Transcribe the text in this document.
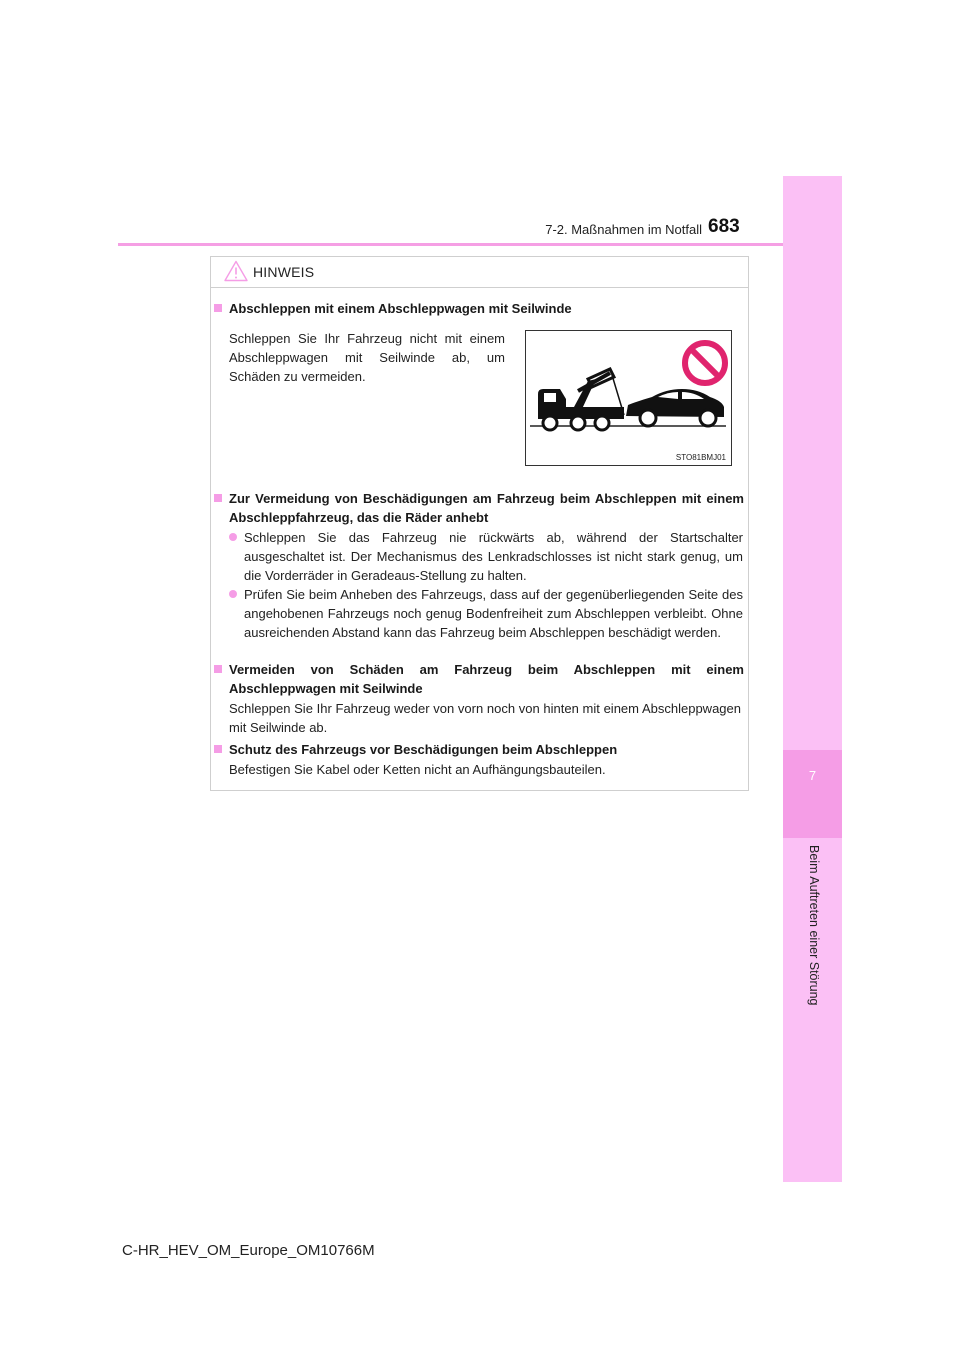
7-2. Maßnahmen im Notfall 683
7
Beim Auftreten einer Störung
HINWEIS
Abschleppen mit einem Abschleppwagen mit Seilwinde
Schleppen Sie Ihr Fahrzeug nicht mit einem Abschleppwagen mit Seilwinde ab, um Schäden zu vermeiden.
STO81BMJ01
Zur Vermeidung von Beschädigungen am Fahrzeug beim Abschleppen mit einem Abschleppfahrzeug, das die Räder anhebt
Schleppen Sie das Fahrzeug nie rückwärts ab, während der Startschalter ausgeschaltet ist. Der Mechanismus des Lenkradschlosses ist nicht stark genug, um die Vorderräder in Geradeaus-Stellung zu halten.
Prüfen Sie beim Anheben des Fahrzeugs, dass auf der gegenüberliegenden Seite des angehobenen Fahrzeugs noch genug Bodenfreiheit zum Abschleppen verbleibt. Ohne ausreichenden Abstand kann das Fahrzeug beim Abschleppen beschädigt werden.
Vermeiden von Schäden am Fahrzeug beim Abschleppen mit einem Abschleppwagen mit Seilwinde
Schleppen Sie Ihr Fahrzeug weder von vorn noch von hinten mit einem Abschleppwagen mit Seilwinde ab.
Schutz des Fahrzeugs vor Beschädigungen beim Abschleppen
Befestigen Sie Kabel oder Ketten nicht an Aufhängungsbauteilen.
C-HR_HEV_OM_Europe_OM10766M
